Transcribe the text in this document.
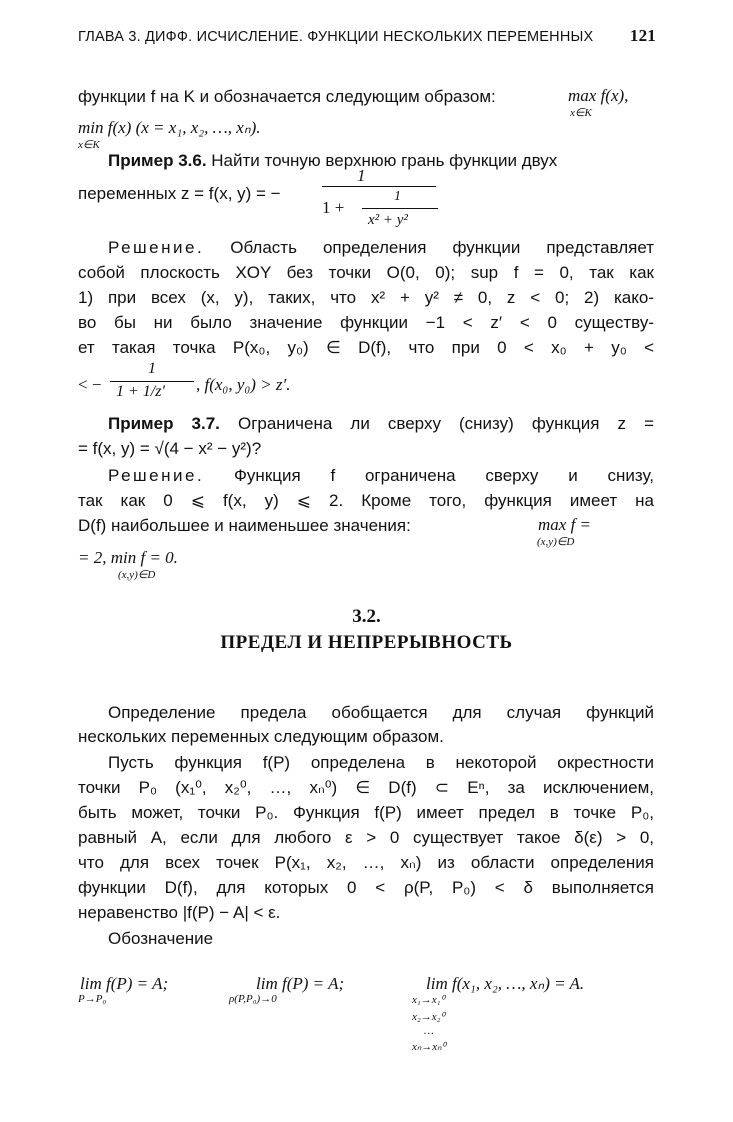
ГЛАВА 3. ДИФФ. ИСЧИСЛЕНИЕ. ФУНКЦИИ НЕСКОЛЬКИХ ПЕРЕМЕННЫХ 121
функции f на K и обозначается следующим образом:	max f(x),
x∈K
min f(x) (x = x₁, x₂, …, xₙ).
x∈K
Пример 3.6. Найти точную верхнюю грань функции двух
переменных z = f(x, y) = −
1
1 +
1
x² + y²
Решение. Область определения функции представляет
собой плоскость XOY без точки O(0, 0); sup f = 0, так как
1) при всех (x, y), таких, что x² + y² ≠ 0, z < 0; 2) како-
во бы ни было значение функции −1 < z′ < 0 существу-
ет такая точка P(x₀, y₀) ∈ D(f), что при 0 < x₀ + y₀ <
< −
1
1 + 1/z′ , f(x₀, y₀) > z′.
Пример 3.7. Ограничена ли сверху (снизу) функция z =
= f(x, y) = √(4 − x² − y²)?
Решение. Функция f ограничена сверху и снизу,
так как 0 ⩽ f(x, y) ⩽ 2. Кроме того, функция имеет на
D(f) наибольшее и наименьшее значения:	max f =
(x,y)∈D
= 2, min f = 0.
(x,y)∈D
3.2.
ПРЕДЕЛ И НЕПРЕРЫВНОСТЬ
Определение предела обобщается для случая функций
нескольких переменных следующим образом.
Пусть функция f(P) определена в некоторой окрестности
точки P₀ (x₁⁰, x₂⁰, …, xₙ⁰) ∈ D(f) ⊂ Eⁿ, за исключением,
быть может, точки P₀. Функция f(P) имеет предел в точке P₀,
равный A, если для любого ε > 0 существует такое δ(ε) > 0,
что для всех точек P(x₁, x₂, …, xₙ) из области определения
функции D(f), для которых 0 < ρ(P, P₀) < δ выполняется
неравенство |f(P) − A| < ε.
Обозначение
lim f(P) = A;
P→P₀
lim f(P) = A;
ρ(P,P₀)→0
lim f(x₁, x₂, …, xₙ) = A.
x₁→x₁⁰
x₂→x₂⁰
…
xₙ→xₙ⁰
